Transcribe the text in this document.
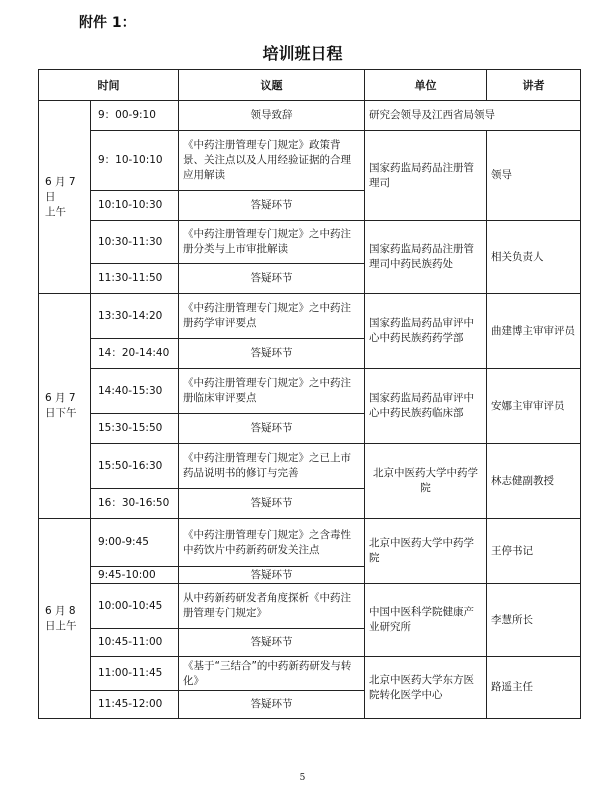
附件 1：
培训班日程
时间		议题	单位	讲者
6 月 7 日
上午	9：00-9:10	领导致辞	研究会领导及江西省局领导	
	9：10-10:10	《中药注册管理专门规定》政策背景、关注点以及人用经验证据的合理应用解读	国家药监局药品注册管理司	领导
	10:10-10:30	答疑环节		
	10:30-11:30	《中药注册管理专门规定》之中药注册分类与上市审批解读	国家药监局药品注册管理司中药民族药处	相关负责人
	11:30-11:50	答疑环节		
6 月 7 日下午	13:30-14:20	《中药注册管理专门规定》之中药注册药学审评要点	国家药监局药品审评中心中药民族药药学部	曲建博主审审评员
	14：20-14:40	答疑环节		
	14:40-15:30	《中药注册管理专门规定》之中药注册临床审评要点	国家药监局药品审评中心中药民族药临床部	安娜主审审评员
	15:30-15:50	答疑环节		
	15:50-16:30	《中药注册管理专门规定》之已上市药品说明书的修订与完善	北京中医药大学中药学院	林志健副教授
	16：30-16:50	答疑环节		
6 月 8 日上午	9:00-9:45	《中药注册管理专门规定》之含毒性中药饮片中药新药研发关注点	北京中医药大学中药学院	王停书记
	9:45-10:00	答疑环节		
	10:00-10:45	从中药新药研发者角度探析《中药注册管理专门规定》	中国中医科学院健康产业研究所	李慧所长
	10:45-11:00	答疑环节		
	11:00-11:45	《基于“三结合”的中药新药研发与转化》	北京中医药大学东方医院转化医学中心	路遥主任
	11:45-12:00	答疑环节		
5
